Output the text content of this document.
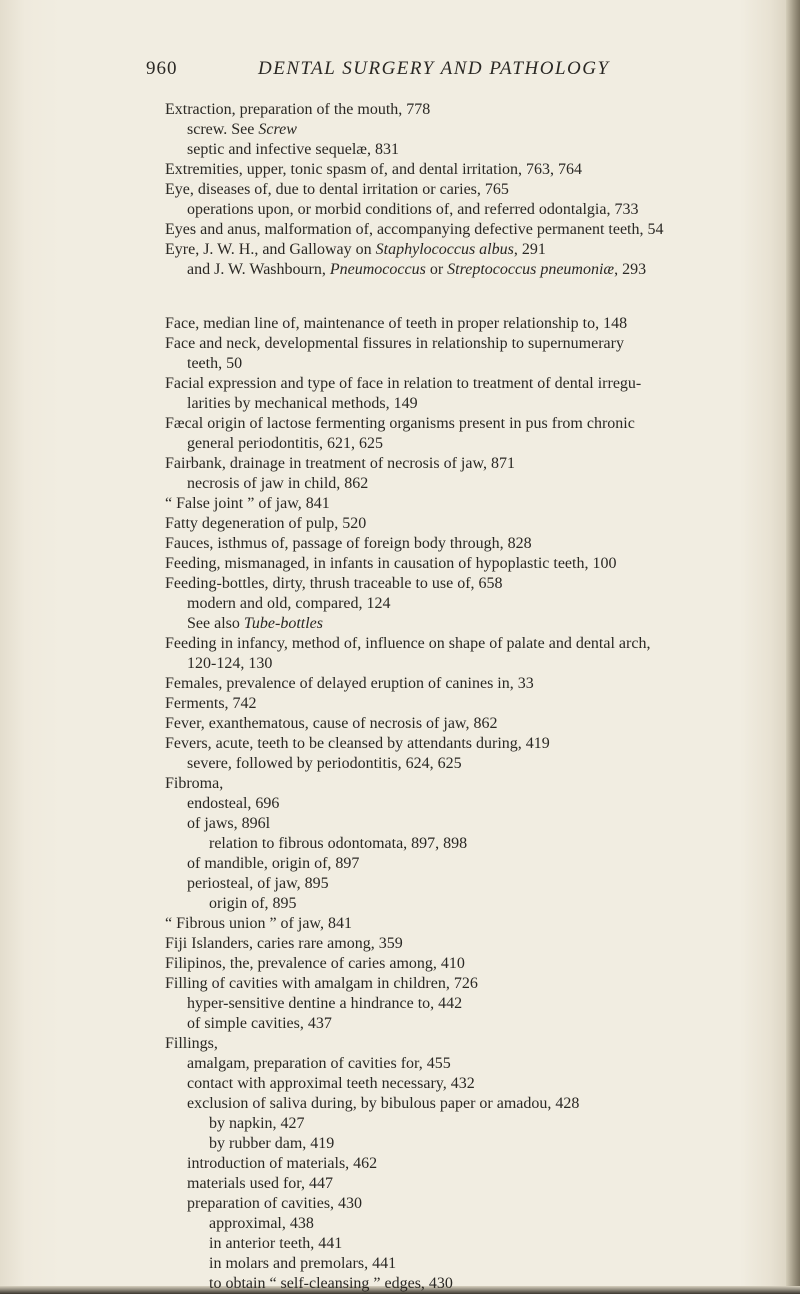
960	DENTAL SURGERY AND PATHOLOGY
Extraction, preparation of the mouth, 778
screw. See Screw
septic and infective sequelæ, 831
Extremities, upper, tonic spasm of, and dental irritation, 763, 764
Eye, diseases of, due to dental irritation or caries, 765
operations upon, or morbid conditions of, and referred odontalgia, 733
Eyes and anus, malformation of, accompanying defective permanent teeth, 54
Eyre, J. W. H., and Galloway on Staphylococcus albus, 291
and J. W. Washbourn, Pneumococcus or Streptococcus pneumoniæ, 293
Face, median line of, maintenance of teeth in proper relationship to, 148
Face and neck, developmental fissures in relationship to supernumerary
teeth, 50
Facial expression and type of face in relation to treatment of dental irregu-
larities by mechanical methods, 149
Fæcal origin of lactose fermenting organisms present in pus from chronic
general periodontitis, 621, 625
Fairbank, drainage in treatment of necrosis of jaw, 871
necrosis of jaw in child, 862
“ False joint ” of jaw, 841
Fatty degeneration of pulp, 520
Fauces, isthmus of, passage of foreign body through, 828
Feeding, mismanaged, in infants in causation of hypoplastic teeth, 100
Feeding-bottles, dirty, thrush traceable to use of, 658
modern and old, compared, 124
See also Tube-bottles
Feeding in infancy, method of, influence on shape of palate and dental arch,
120-124, 130
Females, prevalence of delayed eruption of canines in, 33
Ferments, 742
Fever, exanthematous, cause of necrosis of jaw, 862
Fevers, acute, teeth to be cleansed by attendants during, 419
severe, followed by periodontitis, 624, 625
Fibroma,
endosteal, 696
of jaws, 896l
relation to fibrous odontomata, 897, 898
of mandible, origin of, 897
periosteal, of jaw, 895
origin of, 895
“ Fibrous union ” of jaw, 841
Fiji Islanders, caries rare among, 359
Filipinos, the, prevalence of caries among, 410
Filling of cavities with amalgam in children, 726
hyper-sensitive dentine a hindrance to, 442
of simple cavities, 437
Fillings,
amalgam, preparation of cavities for, 455
contact with approximal teeth necessary, 432
exclusion of saliva during, by bibulous paper or amadou, 428
by napkin, 427
by rubber dam, 419
introduction of materials, 462
materials used for, 447
preparation of cavities, 430
approximal, 438
in anterior teeth, 441
in molars and premolars, 441
to obtain “ self-cleansing ” edges, 430
